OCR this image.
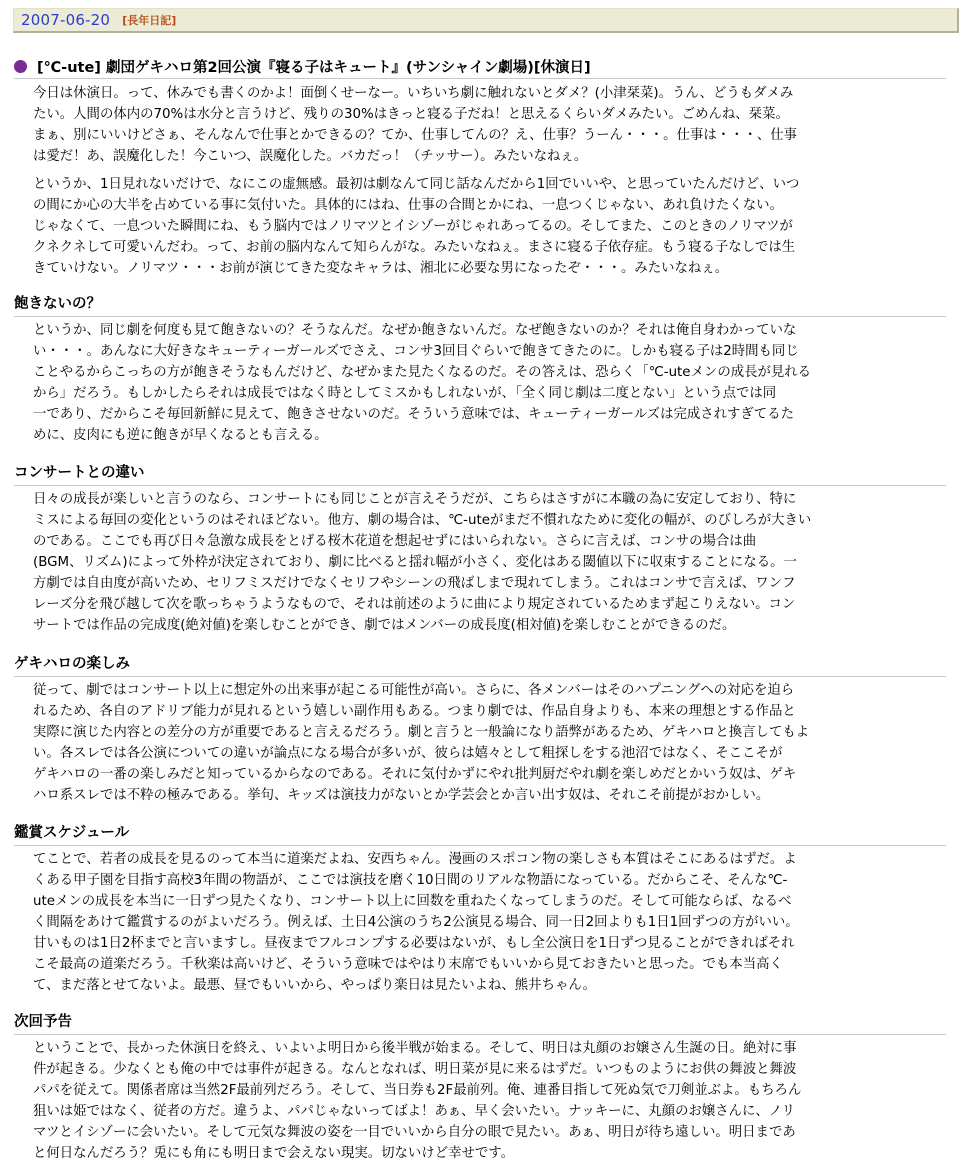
2007-06-20 [長年日記]
[℃-ute] 劇団ゲキハロ第2回公演『寝る子はキュート』(サンシャイン劇場)[休演日]

今日は休演日。って、休みでも書くのかよ！面倒くせーなー。いちいち劇に触れないとダメ？(小津栞菜)。うん、どうもダメみ
たい。人間の体内の70%は水分と言うけど、残りの30%はきっと寝る子だね！と思えるくらいダメみたい。ごめんね、栞菜。
まぁ、別にいいけどさぁ、そんなんで仕事とかできるの？てか、仕事してんの？え、仕事？うーん・・・。仕事は・・・、仕事
は愛だ！あ、誤魔化した！今こいつ、誤魔化した。バカだっ！（チッサー）。みたいなねぇ。

というか、1日見れないだけで、なにこの虚無感。最初は劇なんて同じ話なんだから1回でいいや、と思っていたんだけど、いつ
の間にか心の大半を占めている事に気付いた。具体的にはね、仕事の合間とかにね、一息つくじゃない、あれ負けたくない。
じゃなくて、一息ついた瞬間にね、もう脳内ではノリマツとイシゾーがじゃれあってるの。そしてまた、このときのノリマツが
クネクネして可愛いんだわ。って、お前の脳内なんて知らんがな。みたいなねぇ。まさに寝る子依存症。もう寝る子なしでは生
きていけない。ノリマツ・・・お前が演じてきた変なキャラは、湘北に必要な男になったぞ・・・。みたいなねぇ。

飽きないの？

というか、同じ劇を何度も見て飽きないの？そうなんだ。なぜか飽きないんだ。なぜ飽きないのか？それは俺自身わかっていな
い・・・。あんなに大好きなキューティーガールズでさえ、コンサ3回目ぐらいで飽きてきたのに。しかも寝る子は2時間も同じ
ことやるからこっちの方が飽きそうなもんだけど、なぜかまた見たくなるのだ。その答えは、恐らく「℃-uteメンの成長が見れる
から」だろう。もしかしたらそれは成長ではなく時としてミスかもしれないが、「全く同じ劇は二度とない」という点では同
一であり、だからこそ毎回新鮮に見えて、飽きさせないのだ。そういう意味では、キューティーガールズは完成されすぎてるた
めに、皮肉にも逆に飽きが早くなるとも言える。

コンサートとの違い

日々の成長が楽しいと言うのなら、コンサートにも同じことが言えそうだが、こちらはさすがに本職の為に安定しており、特に
ミスによる毎回の変化というのはそれほどない。他方、劇の場合は、℃-uteがまだ不慣れなために変化の幅が、のびしろが大きい
のである。ここでも再び日々急激な成長をとげる桜木花道を想起せずにはいられない。さらに言えば、コンサの場合は曲
(BGM、リズム)によって外枠が決定されており、劇に比べると揺れ幅が小さく、変化はある閾値以下に収束することになる。一
方劇では自由度が高いため、セリフミスだけでなくセリフやシーンの飛ばしまで現れてしまう。これはコンサで言えば、ワンフ
レーズ分を飛び越して次を歌っちゃうようなもので、それは前述のように曲により規定されているためまず起こりえない。コン
サートでは作品の完成度(絶対値)を楽しむことができ、劇ではメンバーの成長度(相対値)を楽しむことができるのだ。

ゲキハロの楽しみ

従って、劇ではコンサート以上に想定外の出来事が起こる可能性が高い。さらに、各メンバーはそのハプニングへの対応を迫ら
れるため、各自のアドリブ能力が見れるという嬉しい副作用もある。つまり劇では、作品自身よりも、本来の理想とする作品と
実際に演じた内容との差分の方が重要であると言えるだろう。劇と言うと一般論になり語弊があるため、ゲキハロと換言してもよ
い。各スレでは各公演についての違いが論点になる場合が多いが、彼らは嬉々として粗探しをする池沼ではなく、そここそが
ゲキハロの一番の楽しみだと知っているからなのである。それに気付かずにやれ批判厨だやれ劇を楽しめだとかいう奴は、ゲキ
ハロ系スレでは不粋の極みである。挙句、キッズは演技力がないとか学芸会とか言い出す奴は、それこそ前提がおかしい。

鑑賞スケジュール

てことで、若者の成長を見るのって本当に道楽だよね、安西ちゃん。漫画のスポコン物の楽しさも本質はそこにあるはずだ。よ
くある甲子園を目指す高校3年間の物語が、ここでは演技を磨く10日間のリアルな物語になっている。だからこそ、そんな℃-
uteメンの成長を本当に一日ずつ見たくなり、コンサート以上に回数を重ねたくなってしまうのだ。そして可能ならば、なるべ
く間隔をあけて鑑賞するのがよいだろう。例えば、土日4公演のうち2公演見る場合、同一日2回よりも1日1回ずつの方がいい。
甘いものは1日2杯までと言いますし。昼夜までフルコンプする必要はないが、もし全公演日を1日ずつ見ることができればそれ
こそ最高の道楽だろう。千秋楽は高いけど、そういう意味ではやはり末席でもいいから見ておきたいと思った。でも本当高く
て、まだ落とせてないよ。最悪、昼でもいいから、やっぱり楽日は見たいよね、熊井ちゃん。

次回予告

ということで、長かった休演日を終え、いよいよ明日から後半戦が始まる。そして、明日は丸顔のお嬢さん生誕の日。絶対に事
件が起きる。少なくとも俺の中では事件が起きる。なんとなれば、明日菜が見に来るはずだ。いつものようにお供の舞波と舞波
パパを従えて。関係者席は当然2F最前列だろう。そして、当日券も2F最前列。俺、連番目指して死ぬ気で刀剣並ぶよ。もちろん
狙いは姫ではなく、従者の方だ。違うよ、パパじゃないってばよ！あぁ、早く会いたい。ナッキーに、丸顔のお嬢さんに、ノリ
マツとイシゾーに会いたい。そして元気な舞波の姿を一目でいいから自分の眼で見たい。あぁ、明日が待ち遠しい。明日まであ
と何日なんだろう？兎にも角にも明日まで会えない現実。切ないけど幸せです。
